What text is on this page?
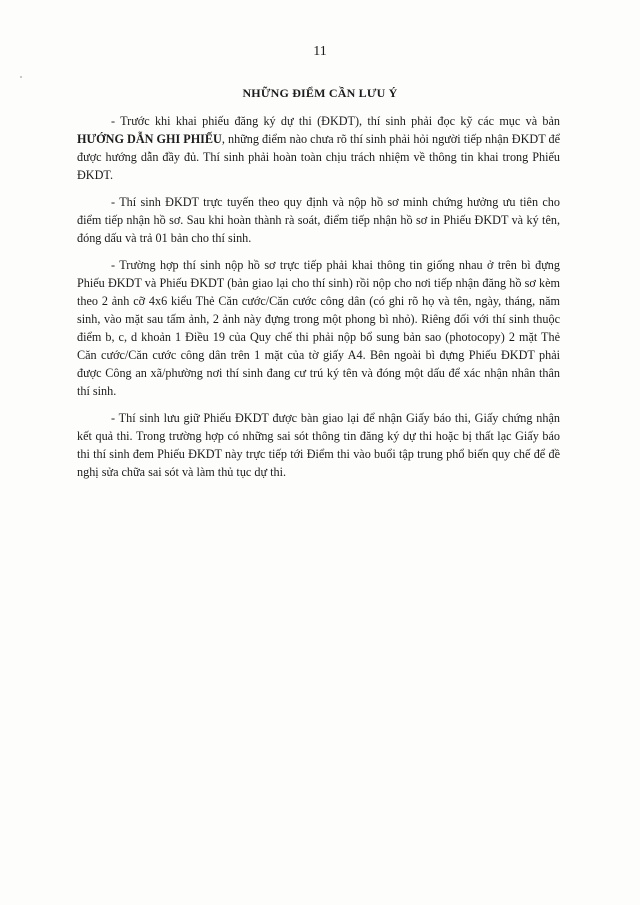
11
NHỮNG ĐIỂM CẦN LƯU Ý

- Trước khi khai phiếu đăng ký dự thi (ĐKDT), thí sinh phải đọc kỹ các mục và bản HƯỚNG DẪN GHI PHIẾU, những điểm nào chưa rõ thí sinh phải hỏi người tiếp nhận ĐKDT để được hướng dẫn đầy đủ. Thí sinh phải hoàn toàn chịu trách nhiệm về thông tin khai trong Phiếu ĐKDT.

- Thí sinh ĐKDT trực tuyến theo quy định và nộp hồ sơ minh chứng hưởng ưu tiên cho điểm tiếp nhận hồ sơ. Sau khi hoàn thành rà soát, điểm tiếp nhận hồ sơ in Phiếu ĐKDT và ký tên, đóng dấu và trả 01 bản cho thí sinh.

- Trường hợp thí sinh nộp hồ sơ trực tiếp phải khai thông tin giống nhau ở trên bì đựng Phiếu ĐKDT và Phiếu ĐKDT (bản giao lại cho thí sinh) rồi nộp cho nơi tiếp nhận đăng hồ sơ kèm theo 2 ảnh cỡ 4x6 kiểu Thẻ Căn cước/Căn cước công dân (có ghi rõ họ và tên, ngày, tháng, năm sinh, vào mặt sau tấm ảnh, 2 ảnh này đựng trong một phong bì nhỏ). Riêng đối với thí sinh thuộc điểm b, c, d khoản 1 Điều 19 của Quy chế thi phải nộp bổ sung bản sao (photocopy) 2 mặt Thẻ Căn cước/Căn cước công dân trên 1 mặt của tờ giấy A4. Bên ngoài bì đựng Phiếu ĐKDT phải được Công an xã/phường nơi thí sinh đang cư trú ký tên và đóng một dấu để xác nhận nhân thân thí sinh.

- Thí sinh lưu giữ Phiếu ĐKDT được bàn giao lại để nhận Giấy báo thi, Giấy chứng nhận kết quả thi. Trong trường hợp có những sai sót thông tin đăng ký dự thi hoặc bị thất lạc Giấy báo thi thí sinh đem Phiếu ĐKDT này trực tiếp tới Điểm thi vào buổi tập trung phổ biến quy chế để đề nghị sửa chữa sai sót và làm thủ tục dự thi.
